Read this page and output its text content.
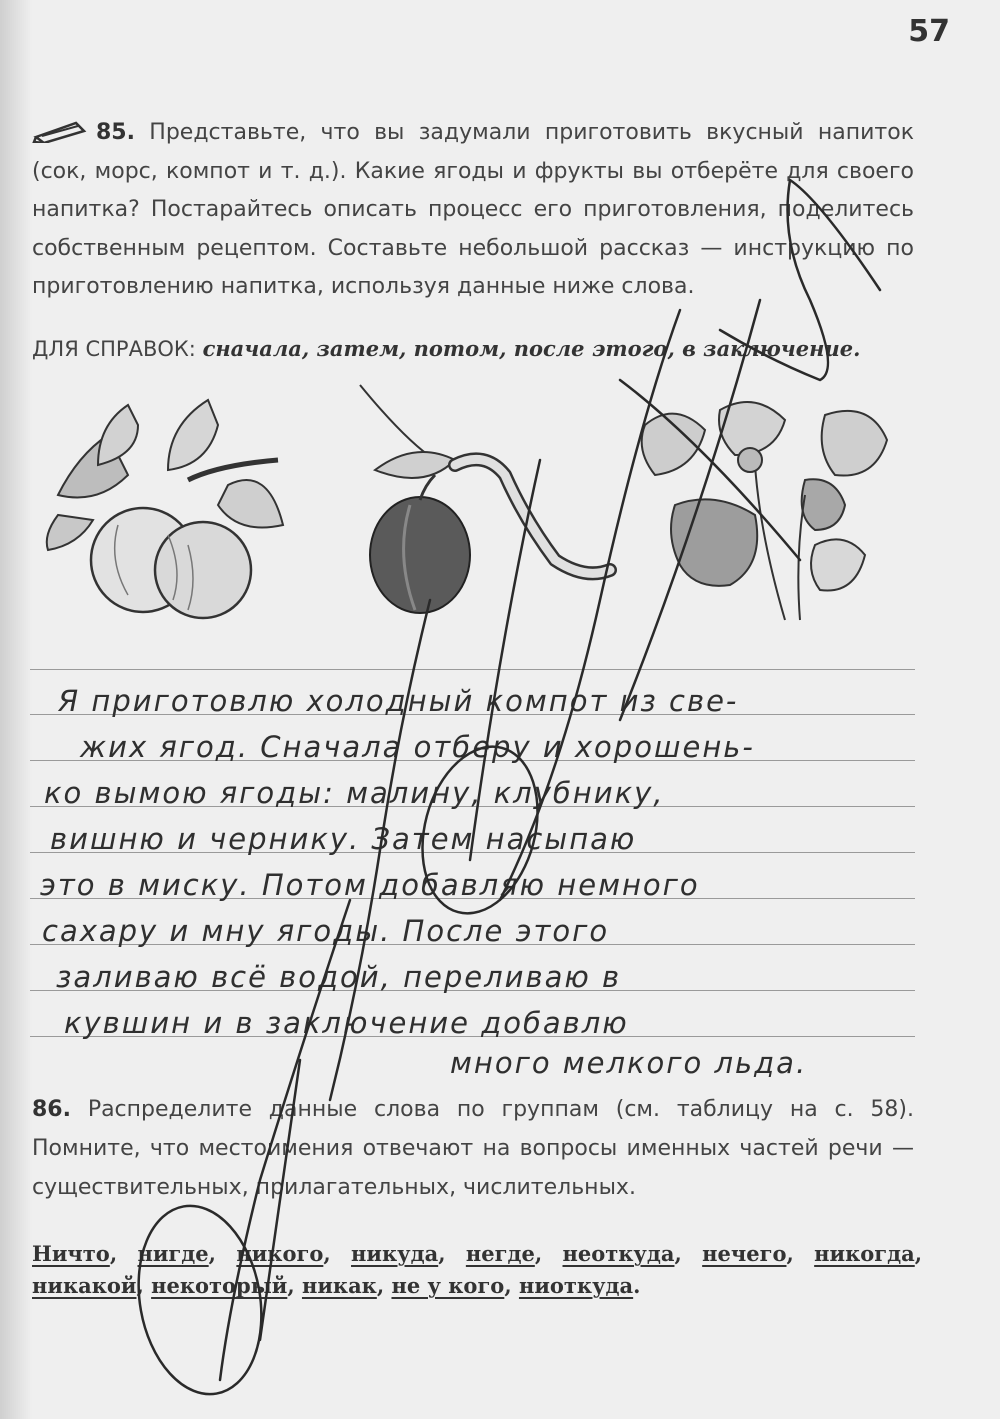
57
85. Представьте, что вы задумали приготовить вкусный напиток (сок, морс, компот и т. д.). Какие ягоды и фрукты вы отберёте для своего напитка? Постарайтесь описать процесс его приготовления, поделитесь собственным рецептом. Составьте небольшой рассказ — инструкцию по приготовлению напитка, используя данные ниже слова.
ДЛЯ СПРАВОК: сначала, затем, потом, после этого, в заключение.
Я приготовлю холодный компот из све-
жих ягод. Сначала отберу и хорошень-
ко вымою ягоды: малину, клубнику,
вишню и чернику. Затем насыпаю
это в миску. Потом добавляю немного
сахару и мну ягоды. После этого
заливаю всё водой, переливаю в
кувшин и в заключение добавлю
много мелкого льда.
86. Распределите данные слова по группам (см. таблицу на с. 58). Помните, что местоимения отвечают на вопросы именных частей речи — существительных, прилагательных, числительных.
Ничто, нигде, никого, никуда, негде, неоткуда, нечего, никогда, никакой, некоторый, никак, не у кого, ниоткуда.
